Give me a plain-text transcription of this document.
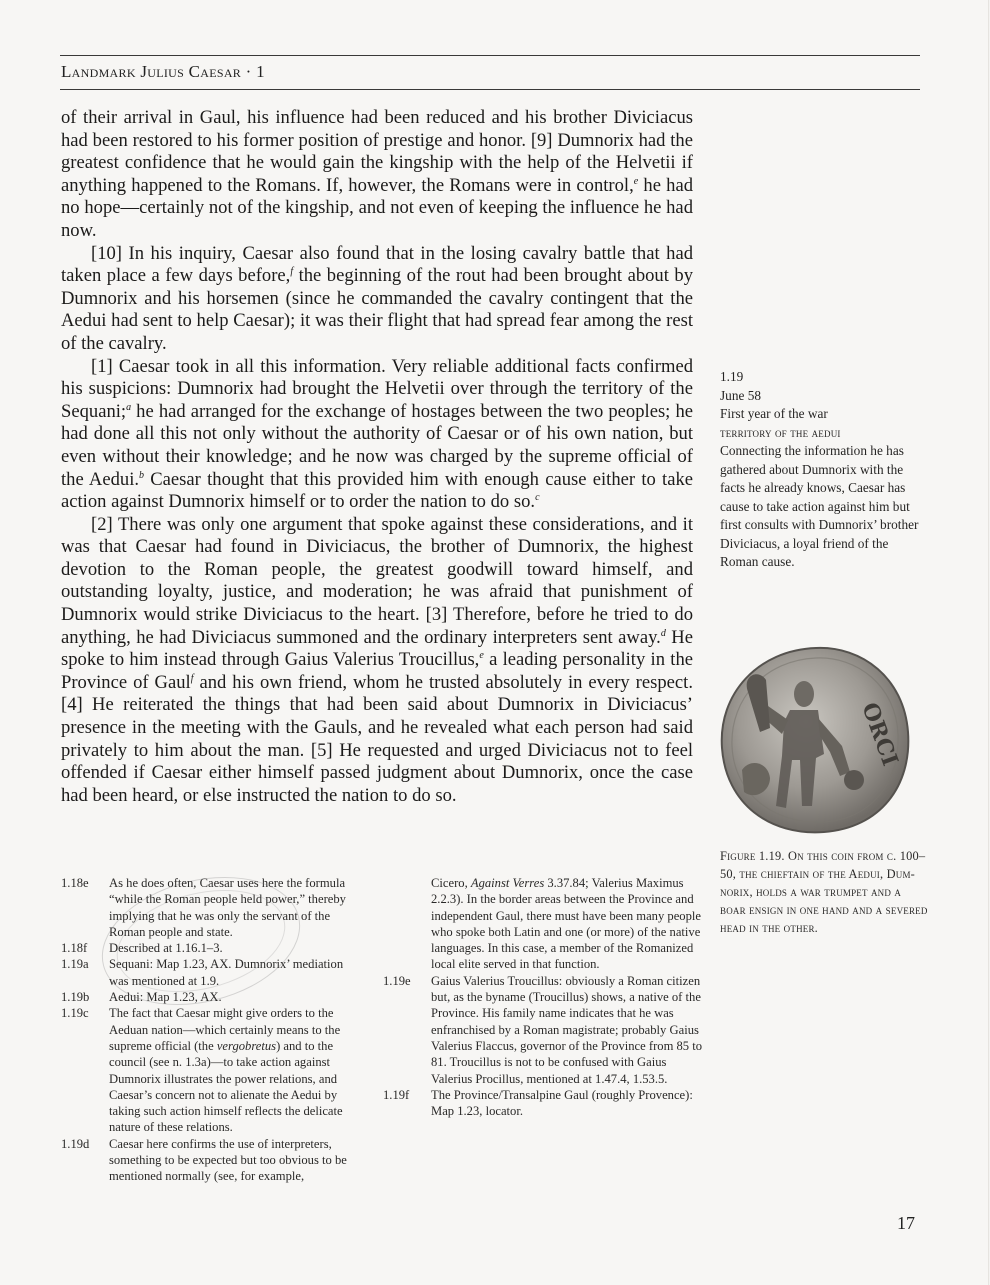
Landmark Julius Caesar · 1

of their arrival in Gaul, his influence had been reduced and his brother Diviciacus had been restored to his former position of prestige and honor. [9] Dumnorix had the greatest confidence that he would gain the kingship with the help of the Helvetii if anything happened to the Romans. If, however, the Romans were in control,$^e$ he had no hope—certainly not of the kingship, and not even of keeping the influence he had now.

[10] In his inquiry, Caesar also found that in the losing cavalry battle that had taken place a few days before,$^f$ the beginning of the rout had been brought about by Dumnorix and his horsemen (since he commanded the cavalry contingent that the Aedui had sent to help Caesar); it was their flight that had spread fear among the rest of the cavalry.

[1] Caesar took in all this information. Very reliable additional facts confirmed his suspicions: Dumnorix had brought the Helvetii over through the territory of the Sequani;$^a$ he had arranged for the exchange of hostages between the two peoples; he had done all this not only without the authority of Caesar or of his own nation, but even without their knowledge; and he now was charged by the supreme official of the Aedui.$^b$ Caesar thought that this provided him with enough cause either to take action against Dumnorix himself or to order the nation to do so.$^c$

[2] There was only one argument that spoke against these considerations, and it was that Caesar had found in Diviciacus, the brother of Dumnorix, the highest devotion to the Roman people, the greatest goodwill toward himself, and outstanding loyalty, justice, and moderation; he was afraid that punishment of Dumnorix would strike Diviciacus to the heart. [3] Therefore, before he tried to do anything, he had Diviciacus summoned and the ordinary interpreters sent away.$^d$ He spoke to him instead through Gaius Valerius Troucillus,$^e$ a leading personality in the Province of Gaul$^f$ and his own friend, whom he trusted absolutely in every respect. [4] He reiterated the things that had been said about Dumnorix in Diviciacus’ presence in the meeting with the Gauls, and he revealed what each person had said privately to him about the man. [5] He requested and urged Diviciacus not to feel offended if Caesar either himself passed judgment about Dumnorix, once the case had been heard, or else instructed the nation to do so.

1.19
June 58
First year of the war
territory of the aedui
Connecting the information he has gathered about Dumnorix with the facts he already knows, Caesar has cause to take action against him but first consults with Dumnorix’ brother Diviciacus, a loyal friend of the Roman cause.
ORCI
Figure 1.19. On this coin from c. 100–50, the chieftain of the Aedui, Dumnorix, holds a war trumpet and a boar ensign in one hand and a severed head in the other.
1.18e	As he does often, Caesar uses here the formula “while the Roman people held power,” thereby implying that he was only the servant of the Roman people and state.
1.18f	Described at 1.16.1–3.
1.19a	Sequani: Map 1.23, AX. Dumnorix’ mediation was mentioned at 1.9.
1.19b	Aedui: Map 1.23, AX.
1.19c	The fact that Caesar might give orders to the Aeduan nation—which certainly means to the supreme official (the vergobretus) and to the council (see n. 1.3a)—to take action against Dumnorix illustrates the power relations, and Caesar’s concern not to alienate the Aedui by taking such action himself reflects the delicate nature of these relations.
1.19d	Caesar here confirms the use of interpreters, something to be expected but too obvious to be mentioned normally (see, for example,
Cicero, Against Verres 3.37.84; Valerius Maximus 2.2.3). In the border areas between the Province and independent Gaul, there must have been many people who spoke both Latin and one (or more) of the native languages. In this case, a member of the Romanized local elite served in that function.
1.19e	Gaius Valerius Troucillus: obviously a Roman citizen but, as the byname (Troucillus) shows, a native of the Province. His family name indicates that he was enfranchised by a Roman magistrate; probably Gaius Valerius Flaccus, governor of the Province from 85 to 81. Troucillus is not to be confused with Gaius Valerius Procillus, mentioned at 1.47.4, 1.53.5.
1.19f	The Province/Transalpine Gaul (roughly Provence): Map 1.23, locator.
17
